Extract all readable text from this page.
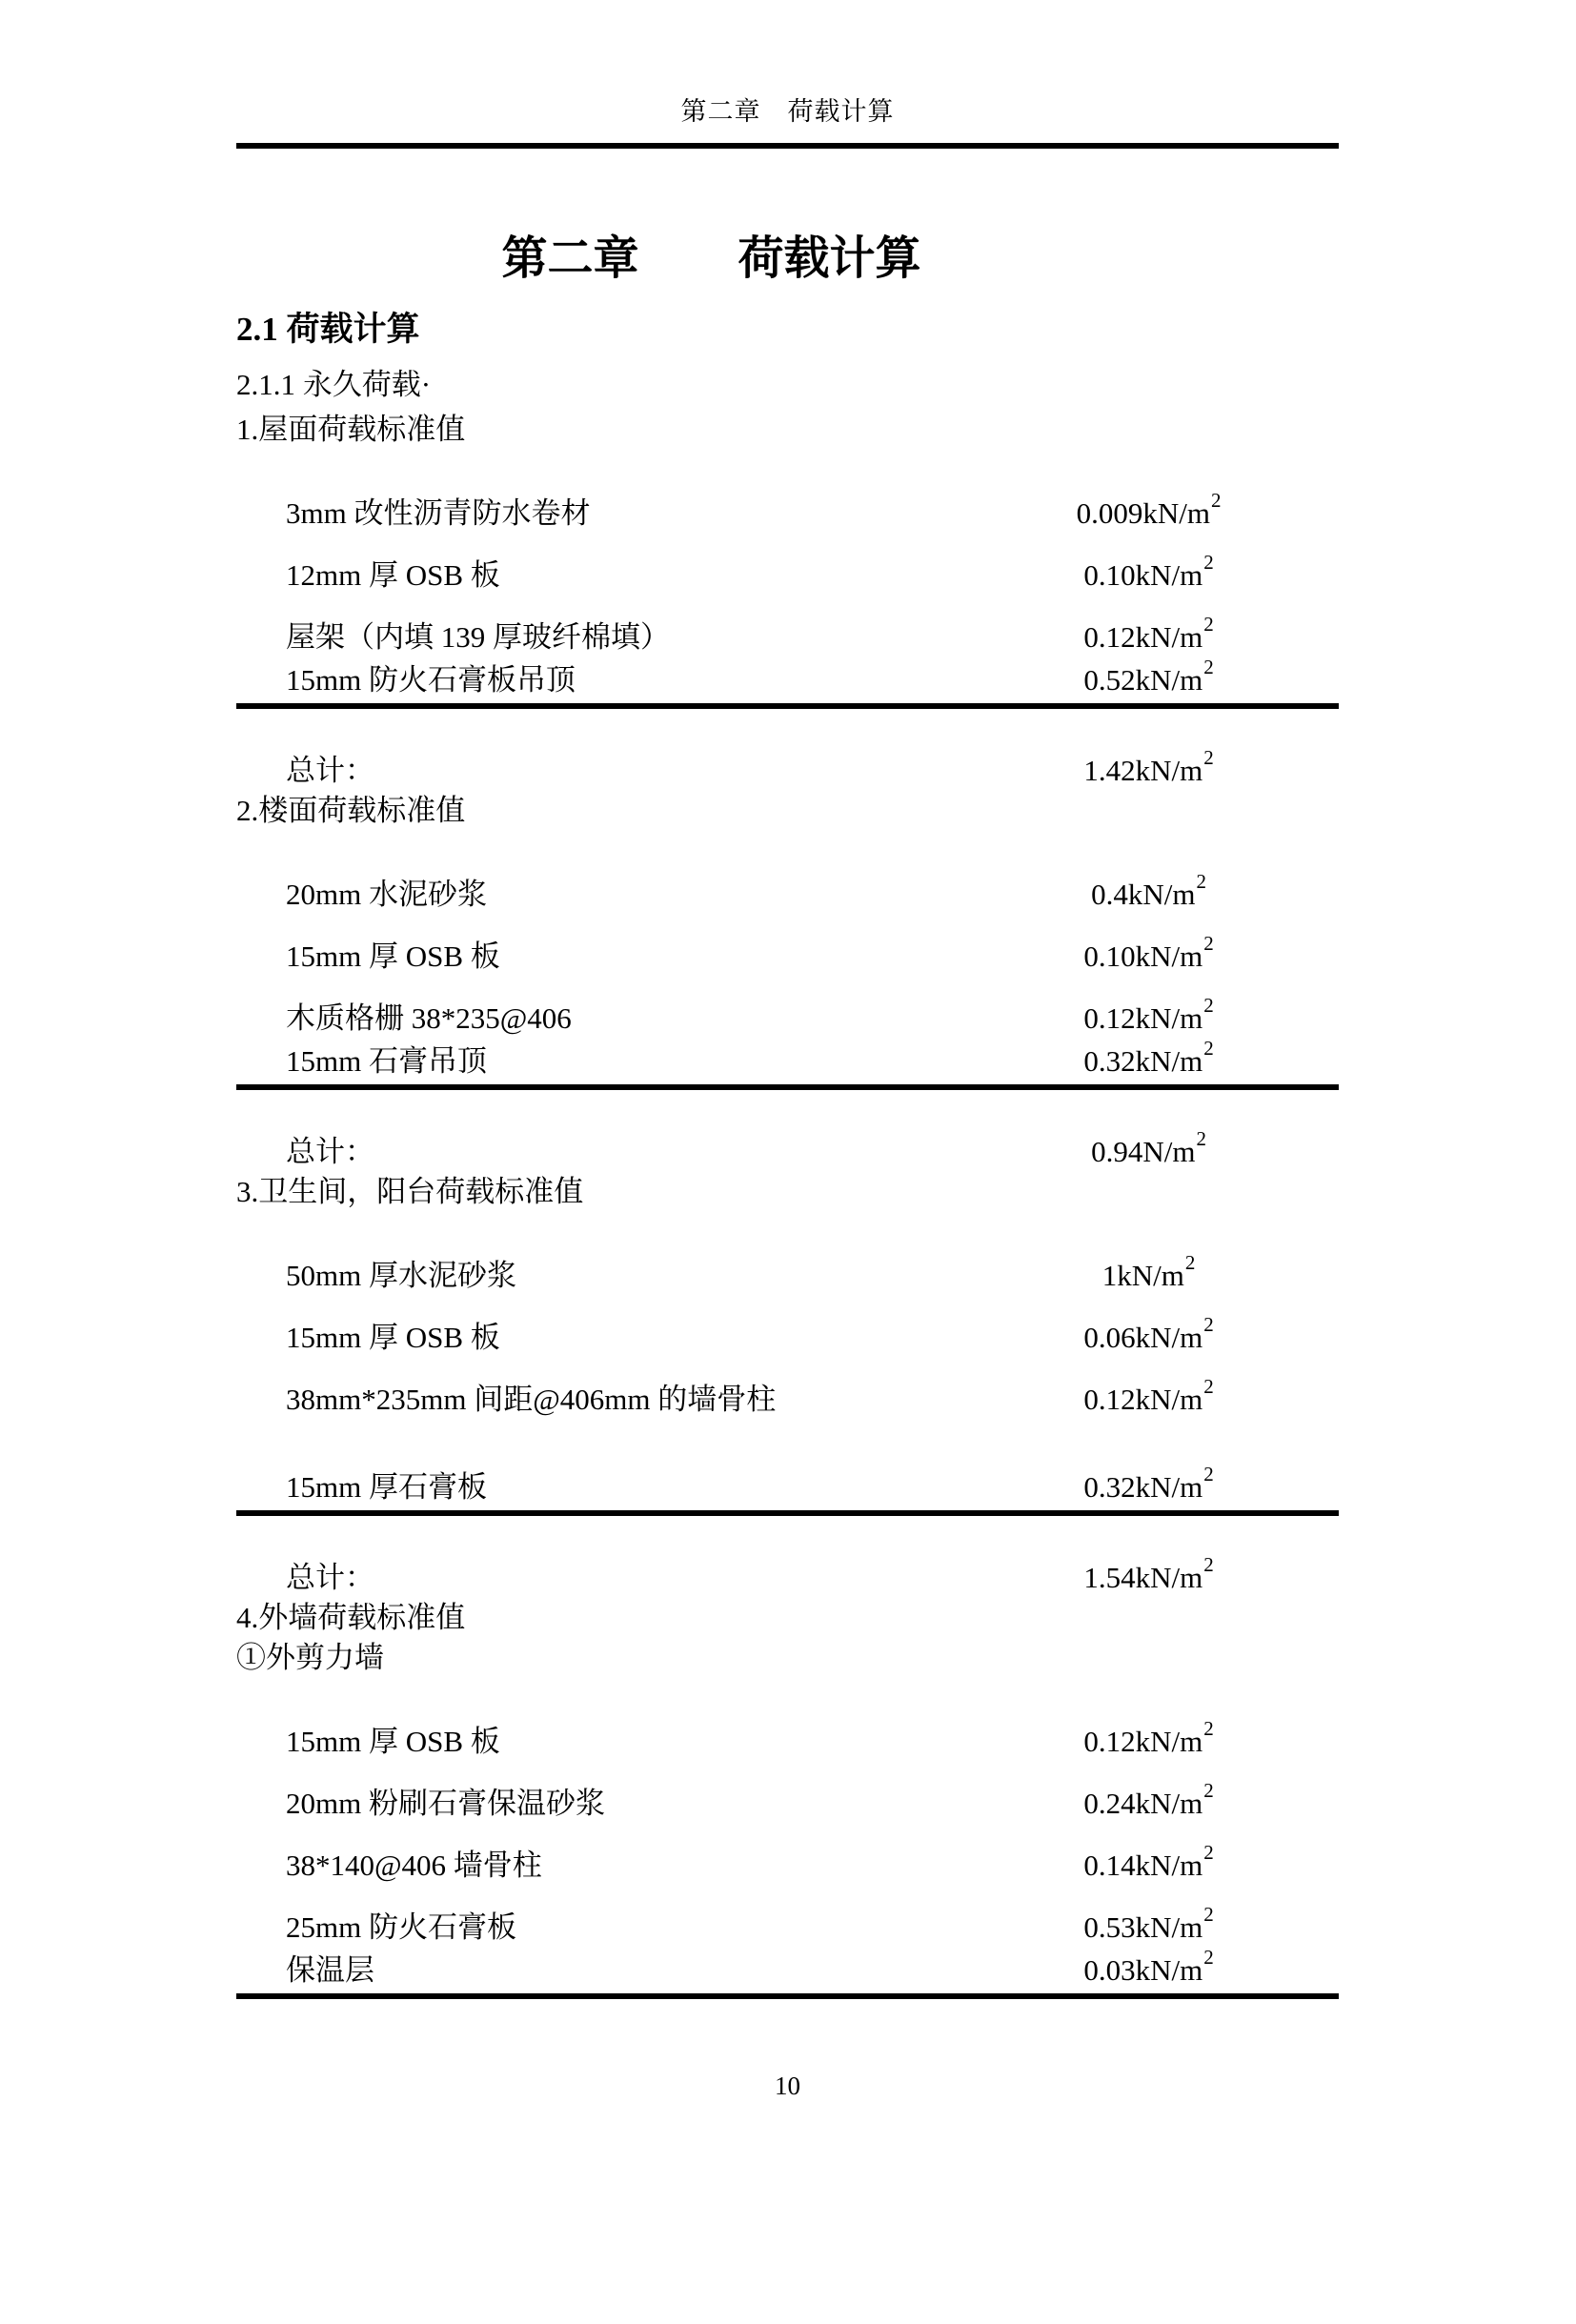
第二章　荷载计算
第二章 荷载计算
2.1 荷载计算
2.1.1 永久荷载·
1.屋面荷载标准值
3mm 改性沥青防水卷材	$0.009kN/m^2$
12mm 厚 OSB 板	$0.10kN/m^2$
屋架（内填 139 厚玻纤棉填）	$0.12kN/m^2$
15mm 防火石膏板吊顶	$0.52kN/m^2$
总计：	$1.42kN/m^2$
2.楼面荷载标准值
20mm 水泥砂浆	$0.4kN/m^2$
15mm 厚 OSB 板	$0.10kN/m^2$
木质格栅 38*235@406	$0.12kN/m^2$
15mm 石膏吊顶	$0.32kN/m^2$
总计：	$0.94N/m^2$
3.卫生间，阳台荷载标准值
50mm 厚水泥砂浆	$1kN/m^2$
15mm 厚 OSB 板	$0.06kN/m^2$
38mm*235mm 间距@406mm 的墙骨柱	$0.12kN/m^2$
15mm 厚石膏板	$0.32kN/m^2$
总计：	$1.54kN/m^2$
4.外墙荷载标准值
①外剪力墙
15mm 厚 OSB 板	$0.12kN/m^2$
20mm 粉刷石膏保温砂浆	$0.24kN/m^2$
38*140@406 墙骨柱	$0.14kN/m^2$
25mm 防火石膏板	$0.53kN/m^2$
保温层	$0.03kN/m^2$
10
